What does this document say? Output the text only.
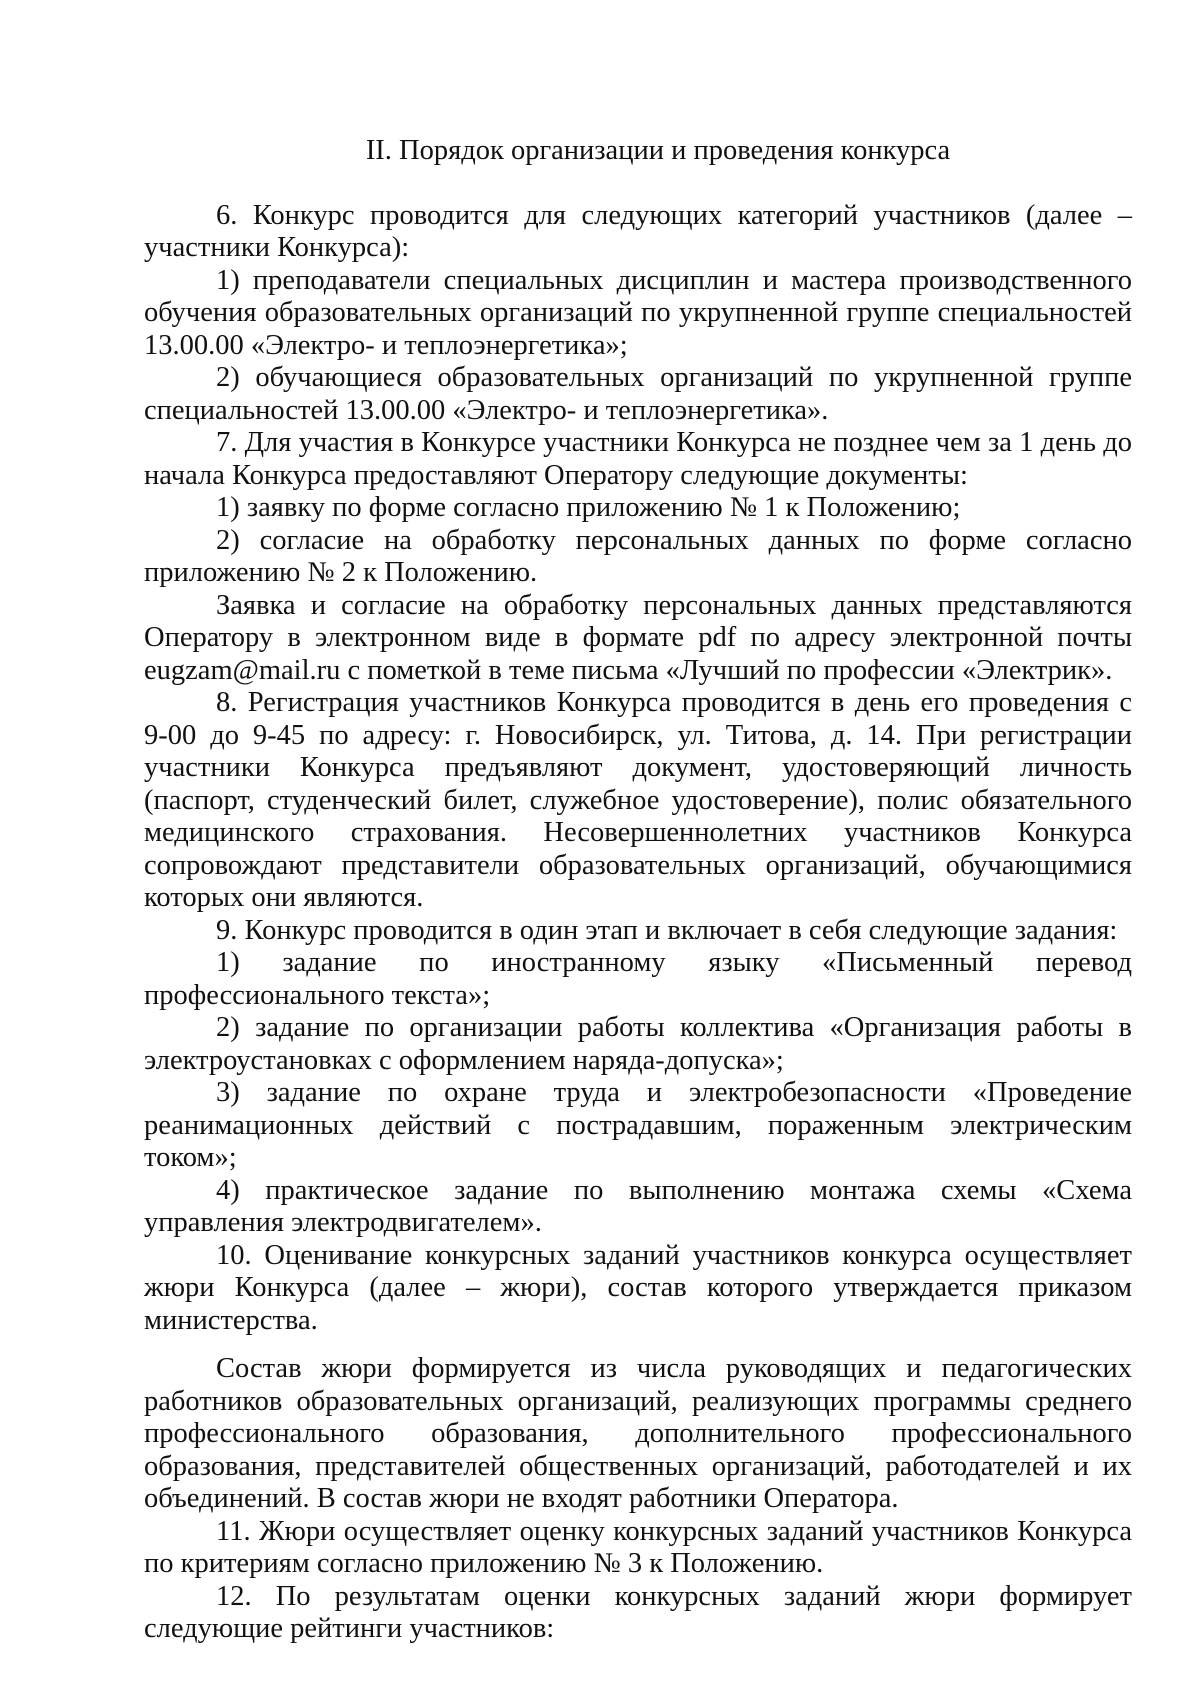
II. Порядок организации и проведения конкурса

6. Конкурс проводится для следующих категорий участников (далее – участники Конкурса):

1) преподаватели специальных дисциплин и мастера производственного обучения образовательных организаций по укрупненной группе специальностей 13.00.00 «Электро- и теплоэнергетика»;

2) обучающиеся образовательных организаций по укрупненной группе специальностей 13.00.00 «Электро- и теплоэнергетика».

7. Для участия в Конкурсе участники Конкурса не позднее чем за 1 день до начала Конкурса предоставляют Оператору следующие документы:

1) заявку по форме согласно приложению № 1 к Положению;

2) согласие на обработку персональных данных по форме согласно приложению № 2 к Положению.

Заявка и согласие на обработку персональных данных представляются Оператору в электронном виде в формате pdf по адресу электронной почты eugzam@mail.ru с пометкой в теме письма «Лучший по профессии «Электрик».

8. Регистрация участников Конкурса проводится в день его проведения с 9-00 до 9-45 по адресу: г. Новосибирск, ул. Титова, д. 14. При регистрации участники Конкурса предъявляют документ, удостоверяющий личность (паспорт, студенческий билет, служебное удостоверение), полис обязательного медицинского страхования. Несовершеннолетних участников Конкурса сопровождают представители образовательных организаций, обучающимися которых они являются.

9. Конкурс проводится в один этап и включает в себя следующие задания:

1) задание по иностранному языку «Письменный перевод профессионального текста»;

2) задание по организации работы коллектива «Организация работы в электроустановках с оформлением наряда-допуска»;

3) задание по охране труда и электробезопасности «Проведение реанимационных действий с пострадавшим, пораженным электрическим током»;

4) практическое задание по выполнению монтажа схемы «Схема управления электродвигателем».

10. Оценивание конкурсных заданий участников конкурса осуществляет жюри Конкурса (далее – жюри), состав которого утверждается приказом министерства.

Состав жюри формируется из числа руководящих и педагогических работников образовательных организаций, реализующих программы среднего профессионального образования, дополнительного профессионального образования, представителей общественных организаций, работодателей и их объединений. В состав жюри не входят работники Оператора.

11. Жюри осуществляет оценку конкурсных заданий участников Конкурса по критериям согласно приложению № 3 к Положению.

12. По результатам оценки конкурсных заданий жюри формирует следующие рейтинги участников:
